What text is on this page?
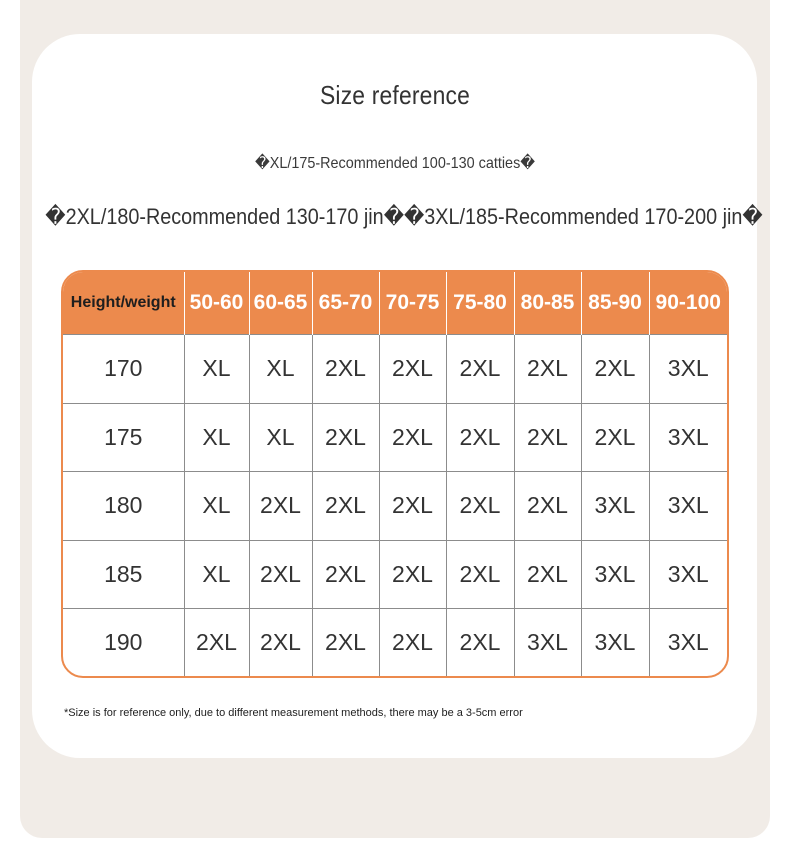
Size reference
�XL/175-Recommended 100-130 catties�
�2XL/180-Recommended 130-170 jin��3XL/185-Recommended 170-200 jin�
Height/weight	50-60	60-65	65-70	70-75	75-80	80-85	85-90	90-100
170	XL	XL	2XL	2XL	2XL	2XL	2XL	3XL
175	XL	XL	2XL	2XL	2XL	2XL	2XL	3XL
180	XL	2XL	2XL	2XL	2XL	2XL	3XL	3XL
185	XL	2XL	2XL	2XL	2XL	2XL	3XL	3XL
190	2XL	2XL	2XL	2XL	2XL	3XL	3XL	3XL
*Size is for reference only, due to different measurement methods, there may be a 3-5cm error
